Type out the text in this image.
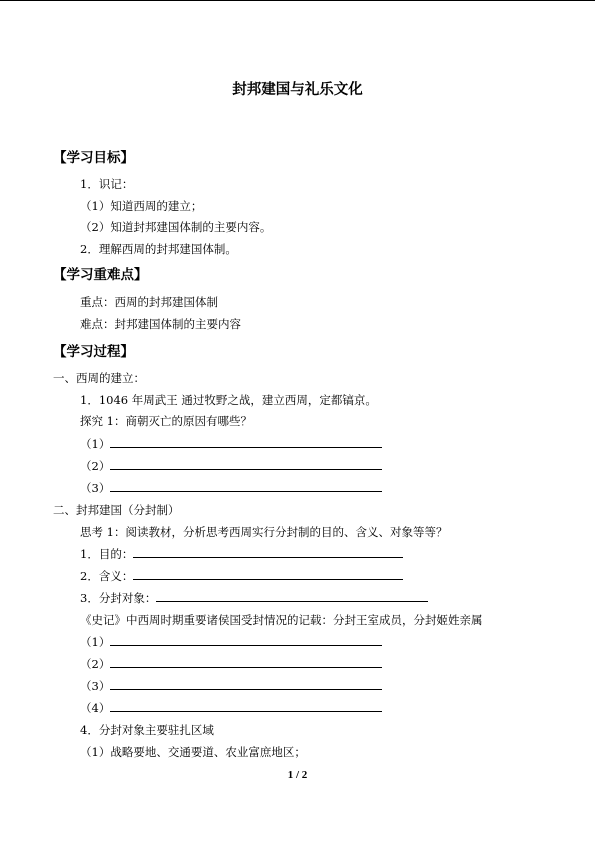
封邦建国与礼乐文化
【学习目标】
1．识记：
（1）知道西周的建立；
（2）知道封邦建国体制的主要内容。
2．理解西周的封邦建国体制。
【学习重难点】
重点：西周的封邦建国体制
难点：封邦建国体制的主要内容
【学习过程】
一、西周的建立：
1．1046 年周武王 通过牧野之战，建立西周，定都镐京。
探究 1：商朝灭亡的原因有哪些？
（1）
（2）
（3）
二、封邦建国（分封制）
思考 1：阅读教材，分析思考西周实行分封制的目的、含义、对象等等？
1．目的：
2．含义：
3．分封对象：
《史记》中西周时期重要诸侯国受封情况的记载：分封王室成员，分封姬姓亲属
（1）
（2）
（3）
（4）
4．分封对象主要驻扎区域
（1）战略要地、交通要道、农业富庶地区；
1 / 2
